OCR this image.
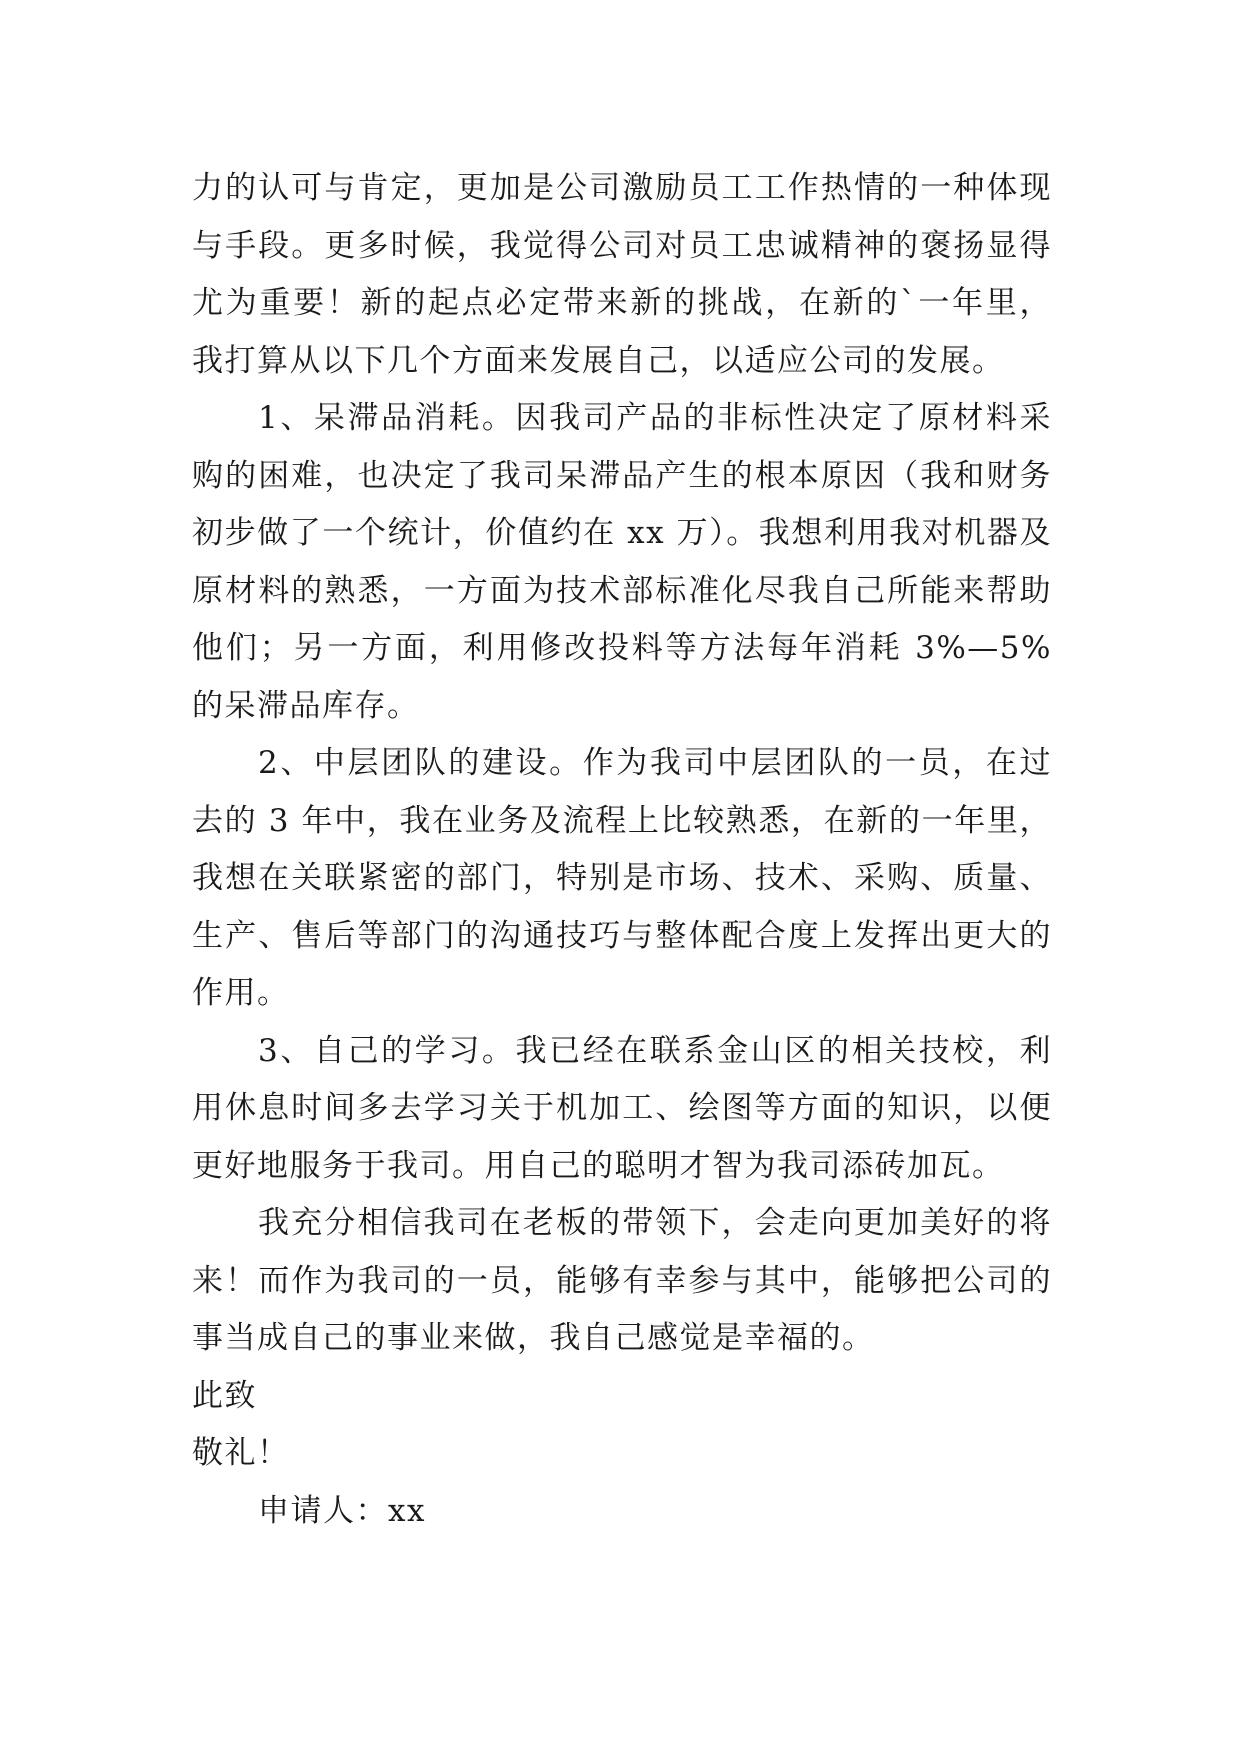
力的认可与肯定，更加是公司激励员工工作热情的一种体现与手段。更多时候，我觉得公司对员工忠诚精神的褒扬显得尤为重要！新的起点必定带来新的挑战，在新的`一年里，我打算从以下几个方面来发展自己，以适应公司的发展。

1、呆滞品消耗。因我司产品的非标性决定了原材料采购的困难，也决定了我司呆滞品产生的根本原因（我和财务初步做了一个统计，价值约在 xx 万）。我想利用我对机器及原材料的熟悉，一方面为技术部标准化尽我自己所能来帮助他们；另一方面，利用修改投料等方法每年消耗 3%—5%的呆滞品库存。

2、中层团队的建设。作为我司中层团队的一员，在过去的 3 年中，我在业务及流程上比较熟悉，在新的一年里，我想在关联紧密的部门，特别是市场、技术、采购、质量、生产、售后等部门的沟通技巧与整体配合度上发挥出更大的作用。

3、自己的学习。我已经在联系金山区的相关技校，利用休息时间多去学习关于机加工、绘图等方面的知识，以便更好地服务于我司。用自己的聪明才智为我司添砖加瓦。

我充分相信我司在老板的带领下，会走向更加美好的将来！而作为我司的一员，能够有幸参与其中，能够把公司的事当成自己的事业来做，我自己感觉是幸福的。

此致

敬礼！

申请人：xx
